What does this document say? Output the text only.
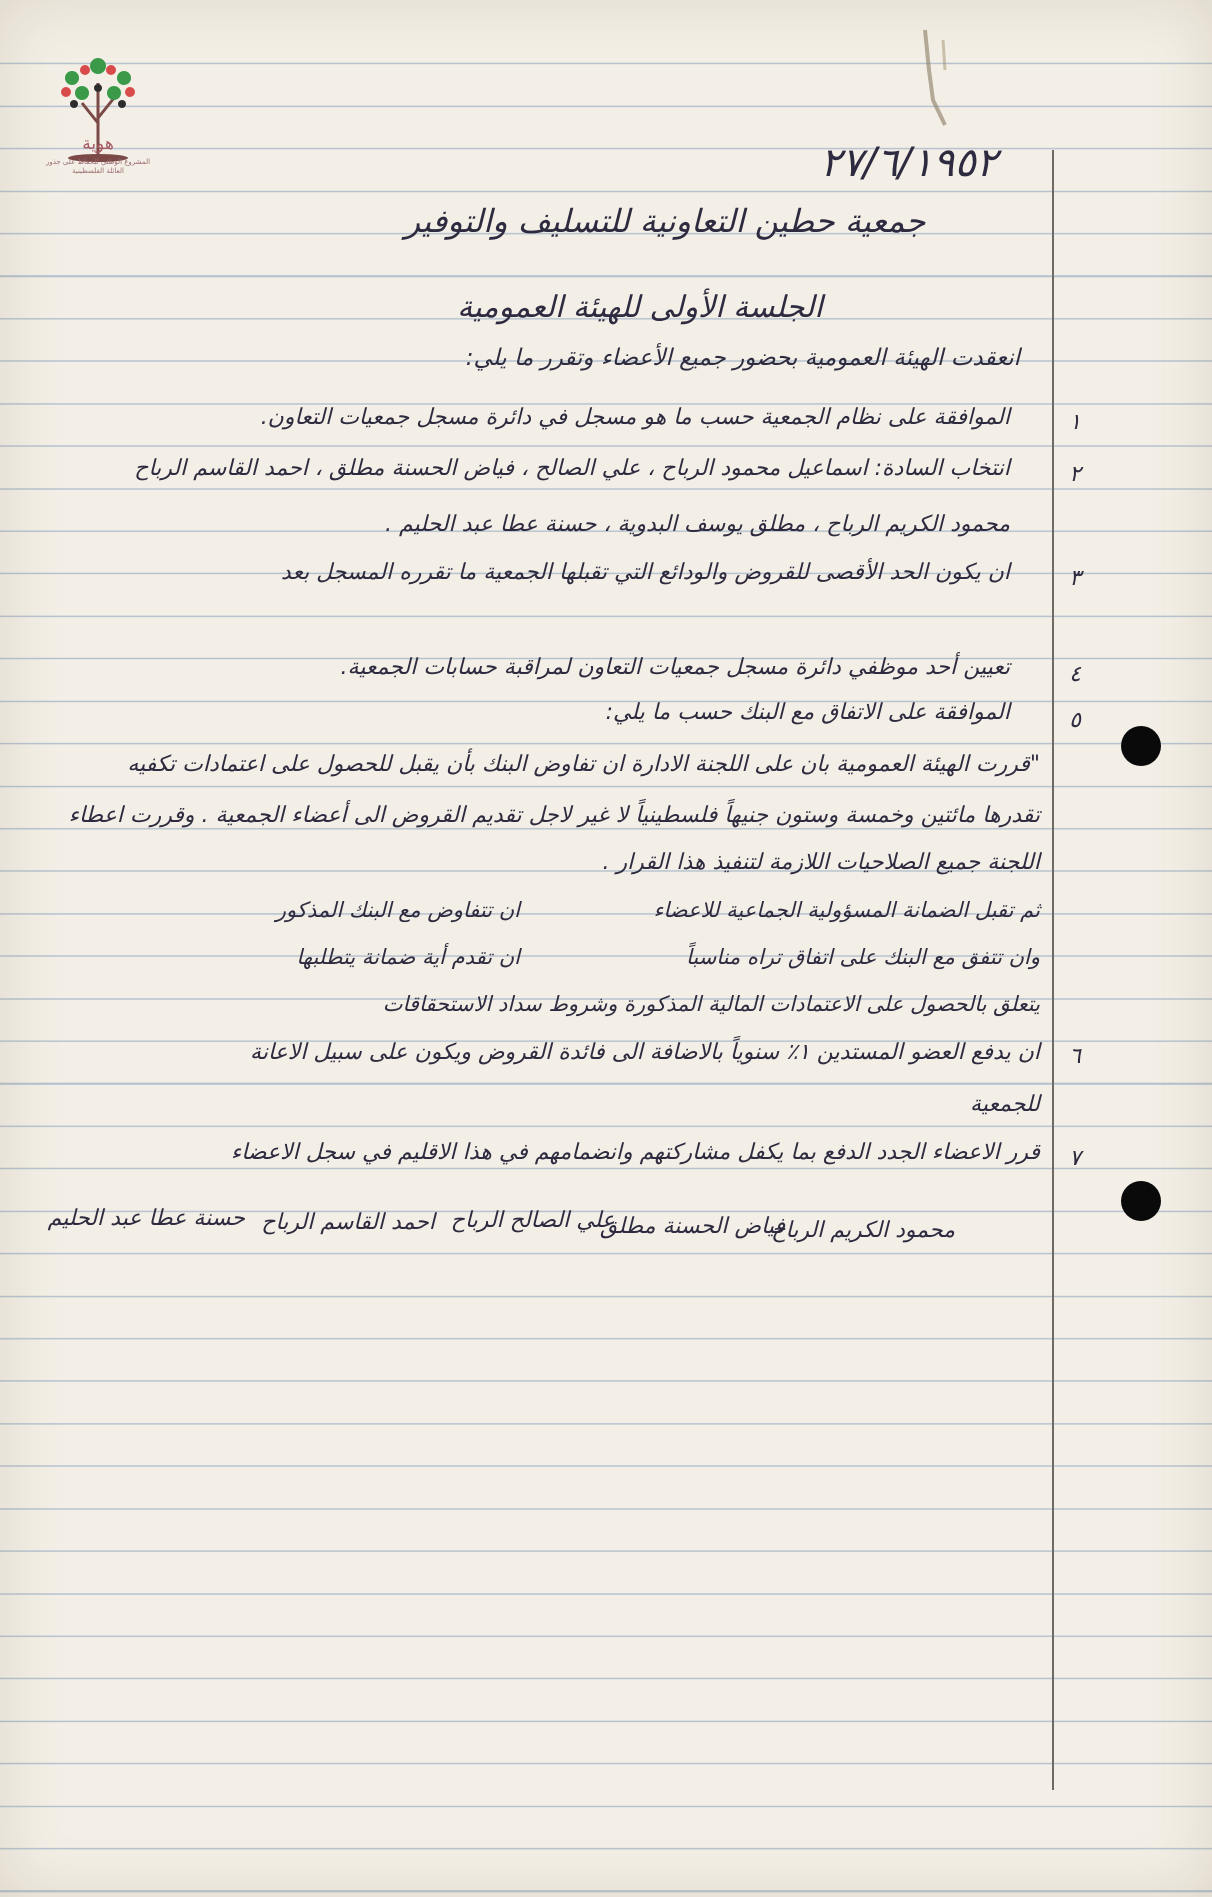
هوية
المشروع الوطني للحفاظ على جذور العائلة الفلسطينية	٢٧/٦/١٩٥٢
جمعية حطين التعاونية للتسليف والتوفير
الجلسة الأولى للهيئة العمومية
انعقدت الهيئة العمومية بحضور جميع الأعضاء وتقرر ما يلي:
١
الموافقة على نظام الجمعية حسب ما هو مسجل في دائرة مسجل جمعيات التعاون.
٢
انتخاب السادة: اسماعيل محمود الرباح ، علي الصالح ، فياض الحسنة مطلق ، احمد القاسم الرباح
محمود الكريم الرباح ، مطلق يوسف البدوية ، حسنة عطا عبد الحليم .
٣
ان يكون الحد الأقصى للقروض والودائع التي تقبلها الجمعية ما تقرره المسجل بعد
٤
تعيين أحد موظفي دائرة مسجل جمعيات التعاون لمراقبة حسابات الجمعية.
٥
الموافقة على الاتفاق مع البنك حسب ما يلي:
"قررت الهيئة العمومية بان على اللجنة الادارة ان تفاوض البنك بأن يقبل للحصول على اعتمادات تكفيه
تقدرها مائتين وخمسة وستون جنيهاً فلسطينياً لا غير لاجل تقديم القروض الى أعضاء الجمعية . وقررت اعطاء
اللجنة جميع الصلاحيات اللازمة لتنفيذ هذا القرار .
ثم تقبل الضمانة المسؤولية الجماعية للاعضاء
ان تتفاوض مع البنك المذكور
وان تتفق مع البنك على اتفاق تراه مناسباً
ان تقدم أية ضمانة يتطلبها
يتعلق بالحصول على الاعتمادات المالية المذكورة وشروط سداد الاستحقاقات
٦
ان يدفع العضو المستدين ١٪ سنوياً بالاضافة الى فائدة القروض ويكون على سبيل الاعانة
للجمعية
٧
قرر الاعضاء الجدد الدفع بما يكفل مشاركتهم وانضمامهم في هذا الاقليم في سجل الاعضاء
حسنة عطا عبد الحليم احمد القاسم الرباح علي الصالح الرباح
فياض الحسنة مطلق
محمود الكريم الرباح
